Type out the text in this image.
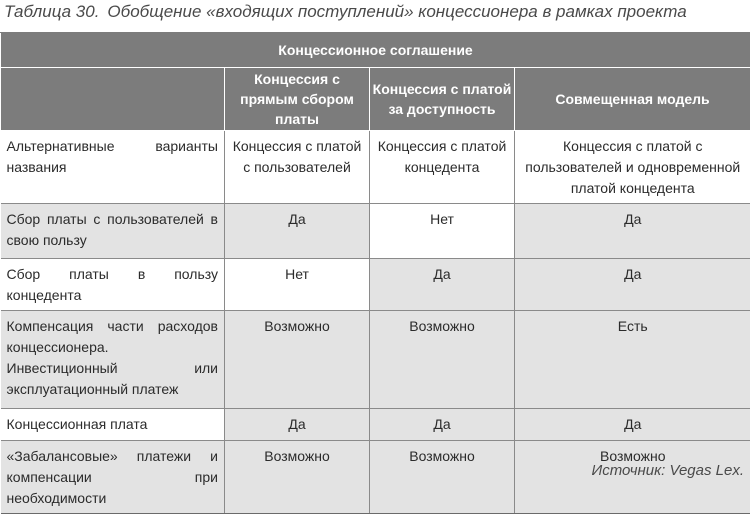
Таблица 30. Обобщение «входящих поступлений» концессионера в рамках проекта
Концессионное соглашение			
	Концессия с прямым сбором платы	Концессия с платой за доступность	Совмещенная модель
Альтернативные варианты названия	Концессия с платой с пользователей	Концессия с платой концедента	Концессия с платой с пользователей и одновременной платой концедента
Сбор платы с пользователей в свою пользу	Да	Нет	Да
Сбор платы в пользу концедента	Нет	Да	Да
Компенсация части расходов концессионера. Инвестиционный или эксплуатационный платеж	Возможно	Возможно	Есть
Концессионная плата	Да	Да	Да
«Забалансовые» платежи и компенсации при необходимости	Возможно	Возможно	Возможно
Источник: Vegas Lex.
